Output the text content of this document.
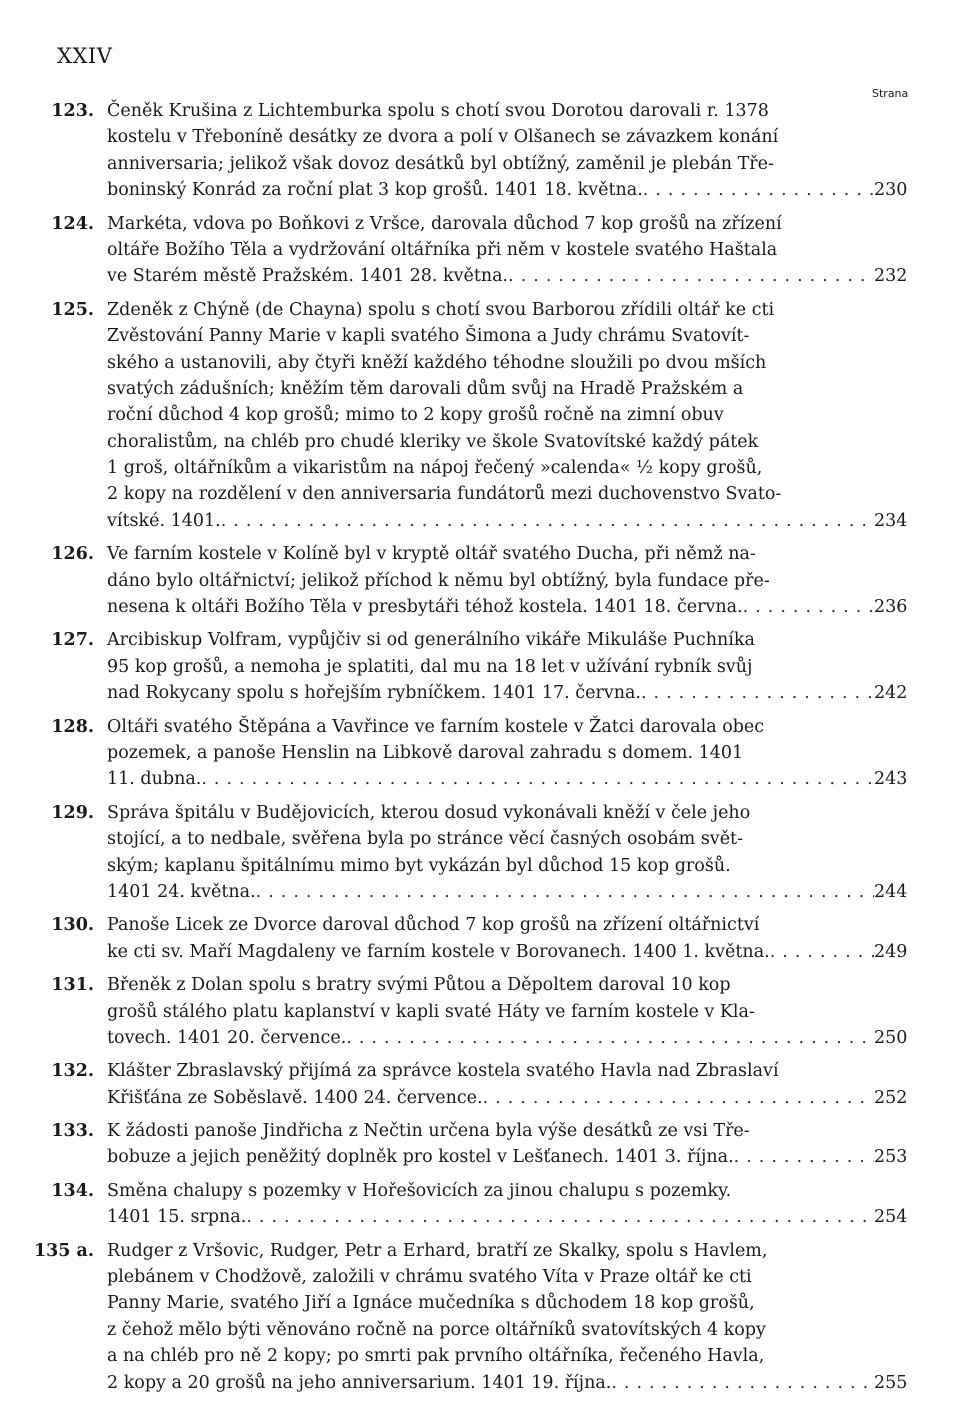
XXIV
Strana
123. Čeněk Krušina z Lichtemburka spolu s chotí svou Dorotou darovali r. 1378
kostelu v Třeboníně desátky ze dvora a polí v Olšanech se závazkem konání
anniversaria; jelikož však dovoz desátků byl obtížný, zaměnil je plebán Tře-
boninský Konrád za roční plat 3 kop grošů. 1401 18. května. .....	230
124. Markéta, vdova po Boňkovi z Vršce, darovala důchod 7 kop grošů na zřízení
oltáře Božího Těla a vydržování oltářníka při něm v kostele svatého Haštala
ve Starém městě Pražském. 1401 28. května. .....	232
125. Zdeněk z Chýně (de Chayna) spolu s chotí svou Barborou zřídili oltář ke cti
Zvěstování Panny Marie v kapli svatého Šimona a Judy chrámu Svatovít-
ského a ustanovili, aby čtyři kněží každého téhodne sloužili po dvou mších
svatých zádušních; kněžím těm darovali dům svůj na Hradě Pražském a
roční důchod 4 kop grošů; mimo to 2 kopy grošů ročně na zimní obuv
choralistům, na chléb pro chudé kleriky ve škole Svatovítské každý pátek
1 groš, oltářníkům a vikaristům na nápoj řečený »calenda« ½ kopy grošů,
2 kopy na rozdělení v den anniversaria fundátorů mezi duchovenstvo Svato-
vítské. 1401. .....	234
126. Ve farním kostele v Kolíně byl v kryptě oltář svatého Ducha, při němž na-
dáno bylo oltářnictví; jelikož příchod k němu byl obtížný, byla fundace pře-
nesena k oltáři Božího Těla v presbytáři téhož kostela. 1401 18. června. .....	236
127. Arcibiskup Volfram, vypůjčiv si od generálního vikáře Mikuláše Puchníka
95 kop grošů, a nemoha je splatiti, dal mu na 18 let v užívání rybník svůj
nad Rokycany spolu s hořejším rybníčkem. 1401 17. června. .....	242
128. Oltáři svatého Štěpána a Vavřince ve farním kostele v Žatci darovala obec
pozemek, a panoše Henslin na Libkově daroval zahradu s domem. 1401
11. dubna. .....	243
129. Správa špitálu v Budějovicích, kterou dosud vykonávali kněží v čele jeho
stojící, a to nedbale, svěřena byla po stránce věcí časných osobám svět-
ským; kaplanu špitálnímu mimo byt vykázán byl důchod 15 kop grošů.
1401 24. května. .....	244
130. Panoše Licek ze Dvorce daroval důchod 7 kop grošů na zřízení oltářnictví
ke cti sv. Maří Magdaleny ve farním kostele v Borovanech. 1400 1. května. .....	249
131. Břeněk z Dolan spolu s bratry svými Půtou a Děpoltem daroval 10 kop
grošů stálého platu kaplanství v kapli svaté Háty ve farním kostele v Kla-
tovech. 1401 20. července. .....	250
132. Klášter Zbraslavský přijímá za správce kostela svatého Havla nad Zbraslaví
Křišťána ze Soběslavě. 1400 24. července. .....	252
133. K žádosti panoše Jindřicha z Nečtin určena byla výše desátků ze vsi Tře-
bobuze a jejich peněžitý doplněk pro kostel v Lešťanech. 1401 3. října. .....	253
134. Směna chalupy s pozemky v Hořešovicích za jinou chalupu s pozemky.
1401 15. srpna. .....	254
135 a. Rudger z Vršovic, Rudger, Petr a Erhard, bratří ze Skalky, spolu s Havlem,
plebánem v Chodžově, založili v chrámu svatého Víta v Praze oltář ke cti
Panny Marie, svatého Jiří a Ignáce mučedníka s důchodem 18 kop grošů,
z čehož mělo býti věnováno ročně na porce oltářníků svatovítských 4 kopy
a na chléb pro ně 2 kopy; po smrti pak prvního oltářníka, řečeného Havla,
2 kopy a 20 grošů na jeho anniversarium. 1401 19. října. .....	255
